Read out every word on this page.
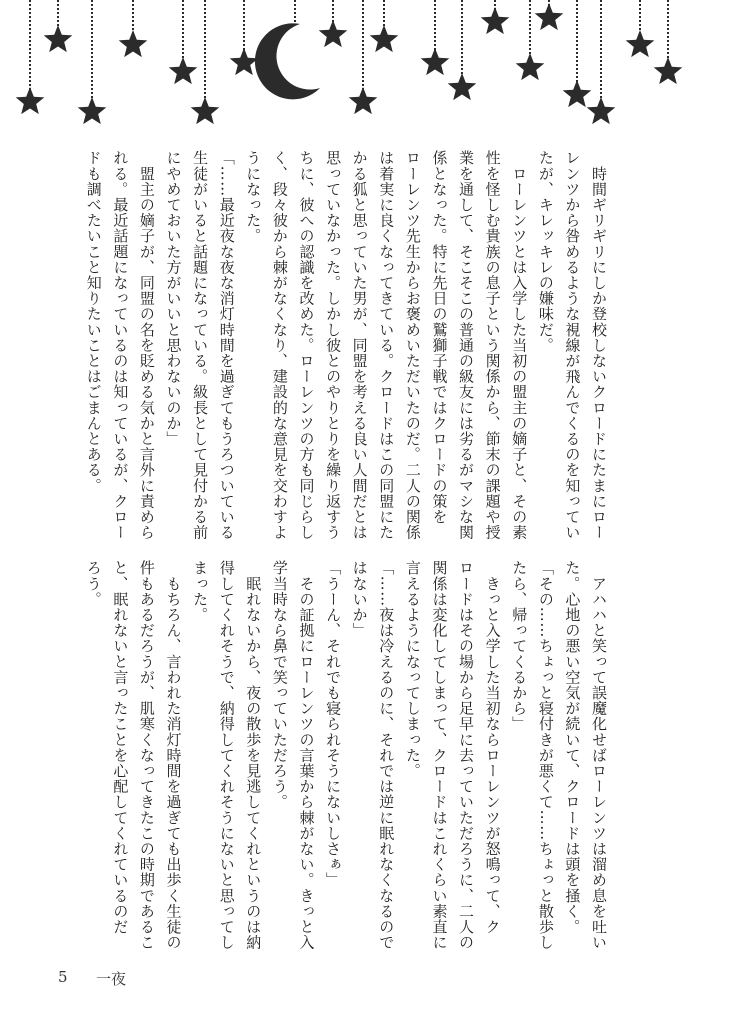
　時間ギリギリにしか登校しないクロードにたまにロー
レンツから咎めるような視線が飛んでくるのを知ってい
たが、キレッキレの嫌味だ。
　ローレンツとは入学した当初の盟主の嫡子と、その素
性を怪しむ貴族の息子という関係から、節末の課題や授
業を通して、そこそこの普通の級友には劣るがマシな関
係となった。特に先日の鷲獅子戦ではクロードの策を
ローレンツ先生からお褒めいただいたのだ。二人の関係
は着実に良くなってきている。クロードはこの同盟にた
かる狐と思っていた男が、同盟を考える良い人間だとは
思っていなかった。しかし彼とのやりとりを繰り返すう
ちに、彼への認識を改めた。ローレンツの方も同じらし
く、段々彼から棘がなくなり、建設的な意見を交わすよ
うになった。
「……最近夜な夜な消灯時間を過ぎてもうろついている
生徒がいると話題になっている。級長として見付かる前
にやめておいた方がいいと思わないのか」
　盟主の嫡子が、同盟の名を貶める気かと言外に責めら
れる。最近話題になっているのは知っているが、クロー
ドも調べたいこと知りたいことはごまんとある。
　アハハと笑って誤魔化せばローレンツは溜め息を吐い
た。心地の悪い空気が続いて、クロードは頭を掻く。
「その……ちょっと寝付きが悪くて……ちょっと散歩し
たら、帰ってくるから」
　きっと入学した当初ならローレンツが怒鳴って、ク
ロードはその場から足早に去っていただろうに、二人の
関係は変化してしまって、クロードはこれくらい素直に
言えるようになってしまった。
「……夜は冷えるのに、それでは逆に眠れなくなるので
はないか」
「うーん、それでも寝られそうにないしさぁ」
　その証拠にローレンツの言葉から棘がない。きっと入
学当時なら鼻で笑っていただろう。
　眠れないから、夜の散歩を見逃してくれというのは納
得してくれそうで、納得してくれそうにないと思ってし
まった。
　もちろん、言われた消灯時間を過ぎても出歩く生徒の
件もあるだろうが、肌寒くなってきたこの時期であるこ
と、眠れないと言ったことを心配してくれているのだ
ろう。
5 一夜
